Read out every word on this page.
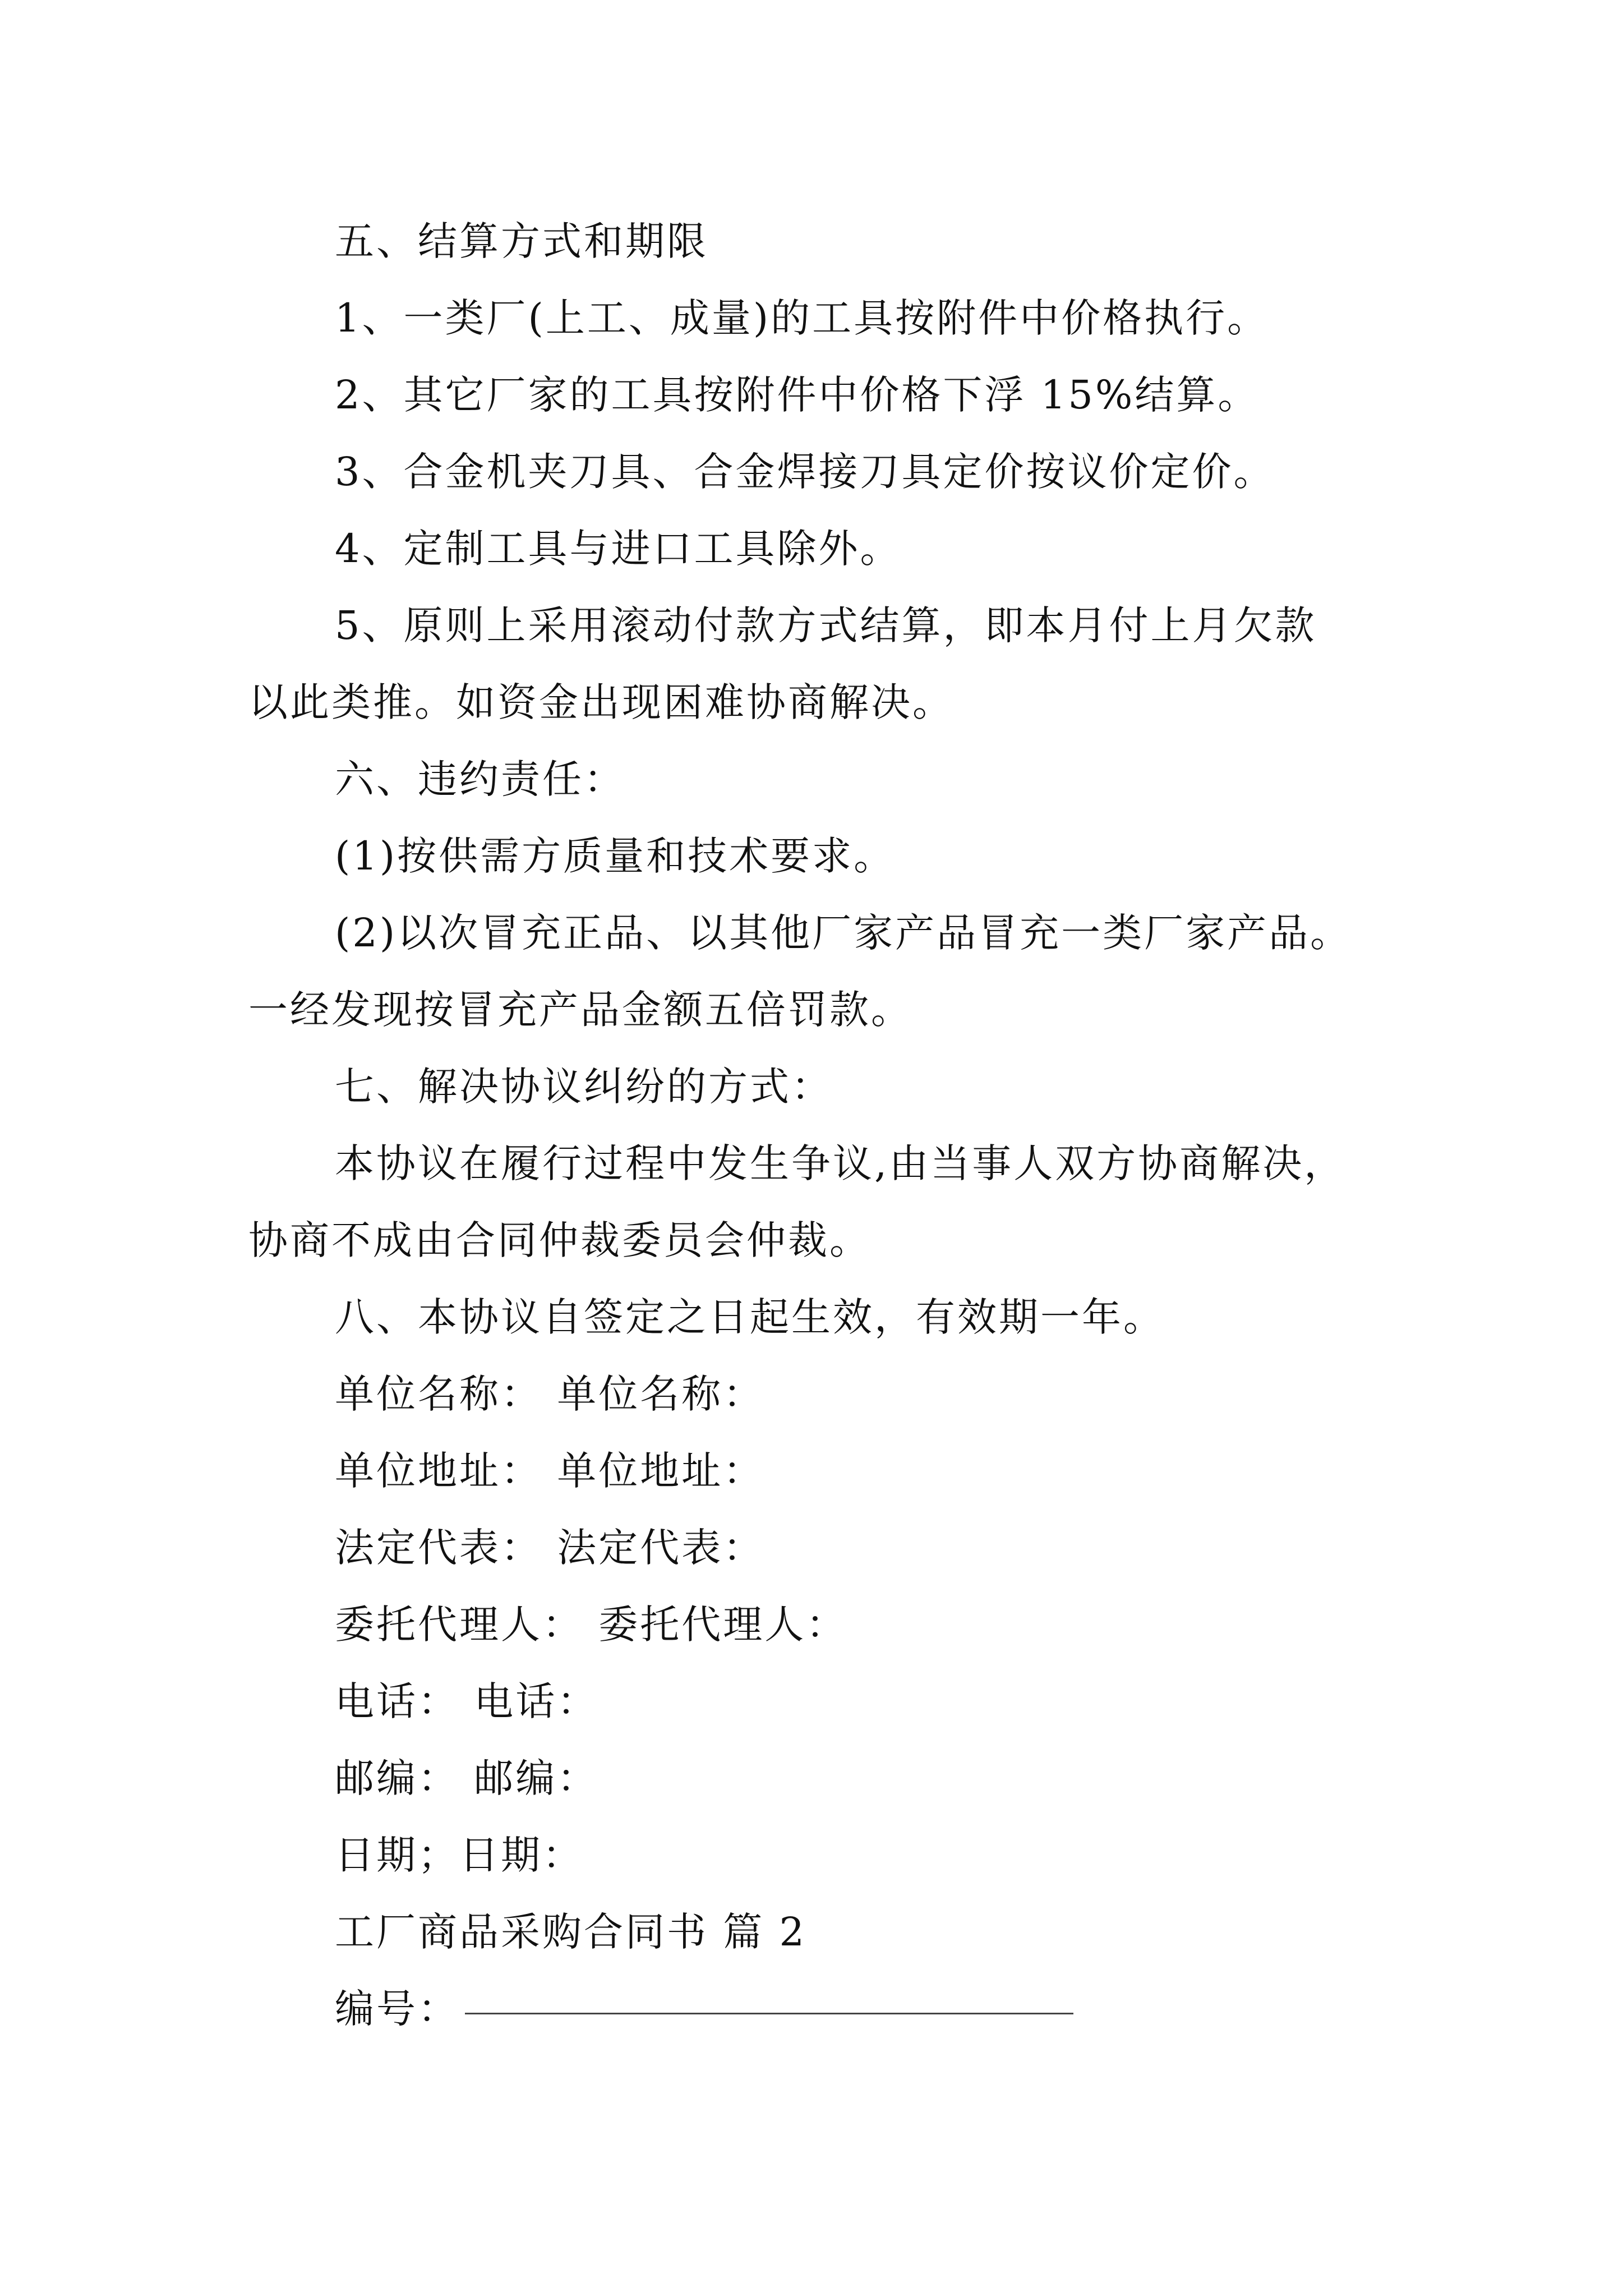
五、结算方式和期限
1、一类厂(上工、成量)的工具按附件中价格执行。
2、其它厂家的工具按附件中价格下浮 15%结算。
3、合金机夹刀具、合金焊接刀具定价按议价定价。
4、定制工具与进口工具除外。
5、原则上采用滚动付款方式结算，即本月付上月欠款
以此类推。如资金出现困难协商解决。
六、违约责任：
(1)按供需方质量和技术要求。
(2)以次冒充正品、以其他厂家产品冒充一类厂家产品。
一经发现按冒充产品金额五倍罚款。
七、解决协议纠纷的方式：
本协议在履行过程中发生争议,由当事人双方协商解决，
协商不成由合同仲裁委员会仲裁。
八、本协议自签定之日起生效，有效期一年。
单位名称： 单位名称：
单位地址： 单位地址：
法定代表： 法定代表：
委托代理人： 委托代理人：
电话： 电话：
邮编： 邮编：
日期；日期：
工厂商品采购合同书 篇 2
编号：
